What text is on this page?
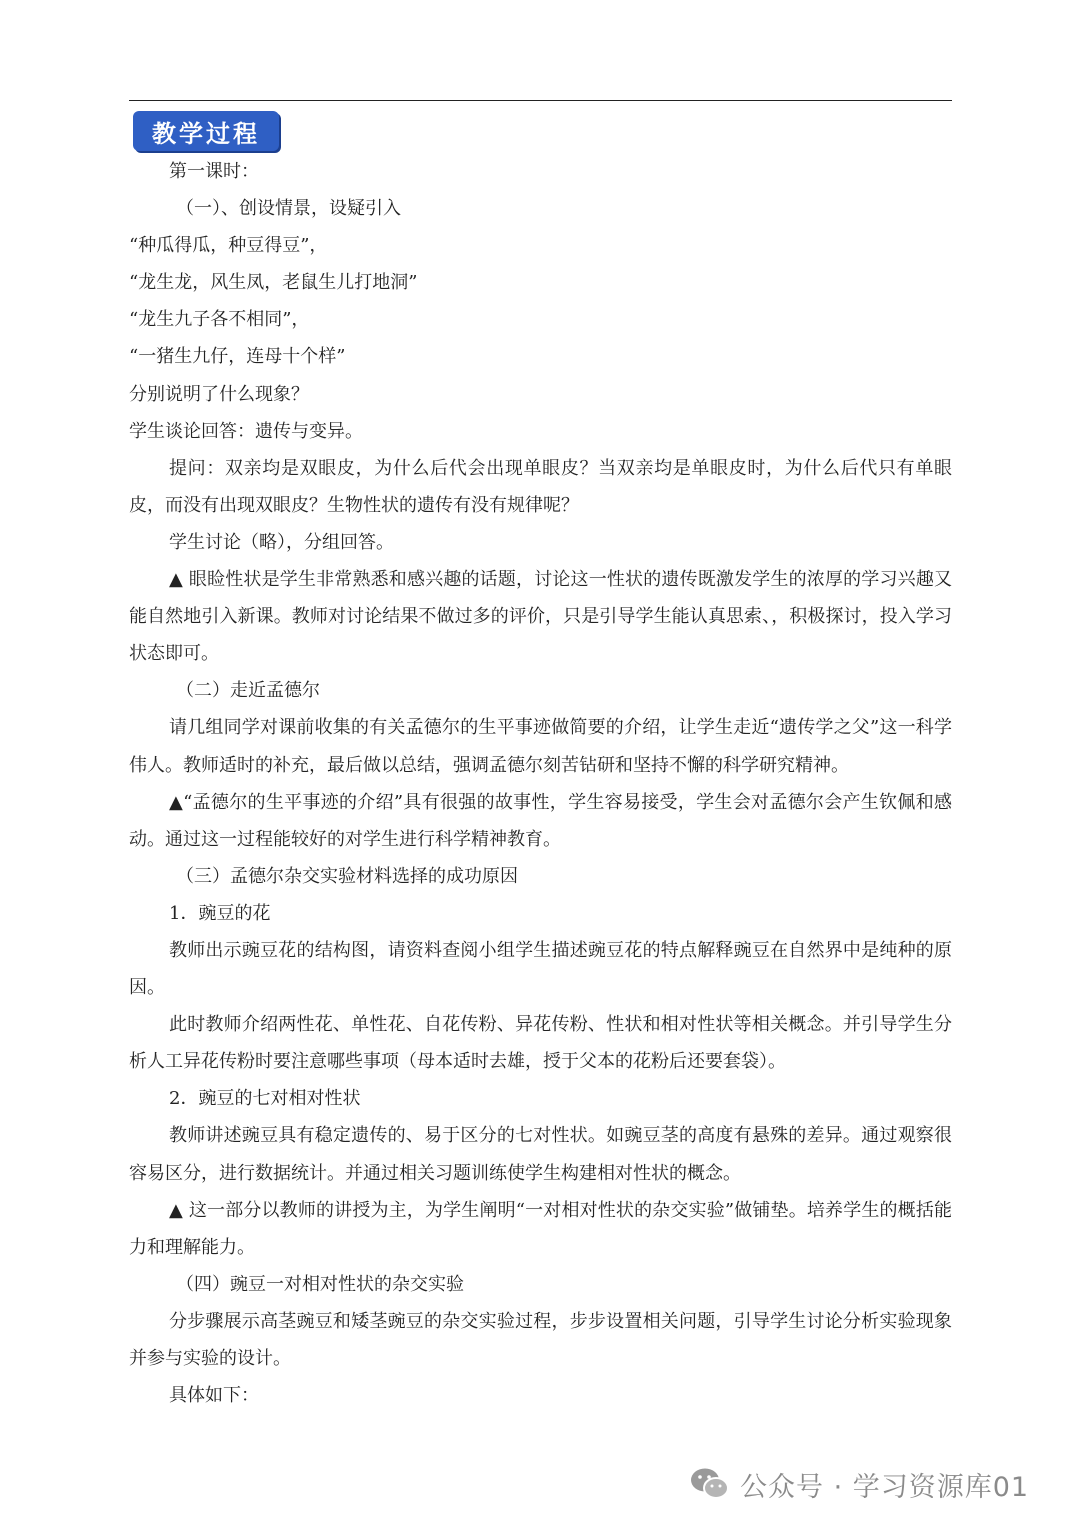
教学过程

第一课时：

（一）、创设情景，设疑引入

“种瓜得瓜，种豆得豆”，

“龙生龙，风生凤，老鼠生儿打地洞”

“龙生九子各不相同”，

“一猪生九仔，连母十个样”

分别说明了什么现象？

学生谈论回答：遗传与变异。

提问：双亲均是双眼皮，为什么后代会出现单眼皮？当双亲均是单眼皮时，为什么后代只有单眼皮，而没有出现双眼皮？生物性状的遗传有没有规律呢？

学生讨论（略），分组回答。

▲ 眼睑性状是学生非常熟悉和感兴趣的话题，讨论这一性状的遗传既激发学生的浓厚的学习兴趣又能自然地引入新课。教师对讨论结果不做过多的评价，只是引导学生能认真思索、，积极探讨，投入学习状态即可。

（二）走近孟德尔

请几组同学对课前收集的有关孟德尔的生平事迹做简要的介绍，让学生走近“遗传学之父”这一科学伟人。教师适时的补充，最后做以总结，强调孟德尔刻苦钻研和坚持不懈的科学研究精神。

▲“孟德尔的生平事迹的介绍”具有很强的故事性，学生容易接受，学生会对孟德尔会产生钦佩和感动。通过这一过程能较好的对学生进行科学精神教育。

（三）孟德尔杂交实验材料选择的成功原因

1．豌豆的花

教师出示豌豆花的结构图，请资料查阅小组学生描述豌豆花的特点解释豌豆在自然界中是纯种的原因。

此时教师介绍两性花、单性花、自花传粉、异花传粉、性状和相对性状等相关概念。并引导学生分析人工异花传粉时要注意哪些事项（母本适时去雄，授于父本的花粉后还要套袋）。

2．豌豆的七对相对性状

教师讲述豌豆具有稳定遗传的、易于区分的七对性状。如豌豆茎的高度有悬殊的差异。通过观察很容易区分，进行数据统计。并通过相关习题训练使学生构建相对性状的概念。

▲ 这一部分以教师的讲授为主，为学生阐明“一对相对性状的杂交实验”做铺垫。培养学生的概括能力和理解能力。

（四）豌豆一对相对性状的杂交实验

分步骤展示高茎豌豆和矮茎豌豆的杂交实验过程，步步设置相关问题，引导学生讨论分析实验现象并参与实验的设计。

具体如下：

公众号 · 学习资源库01
